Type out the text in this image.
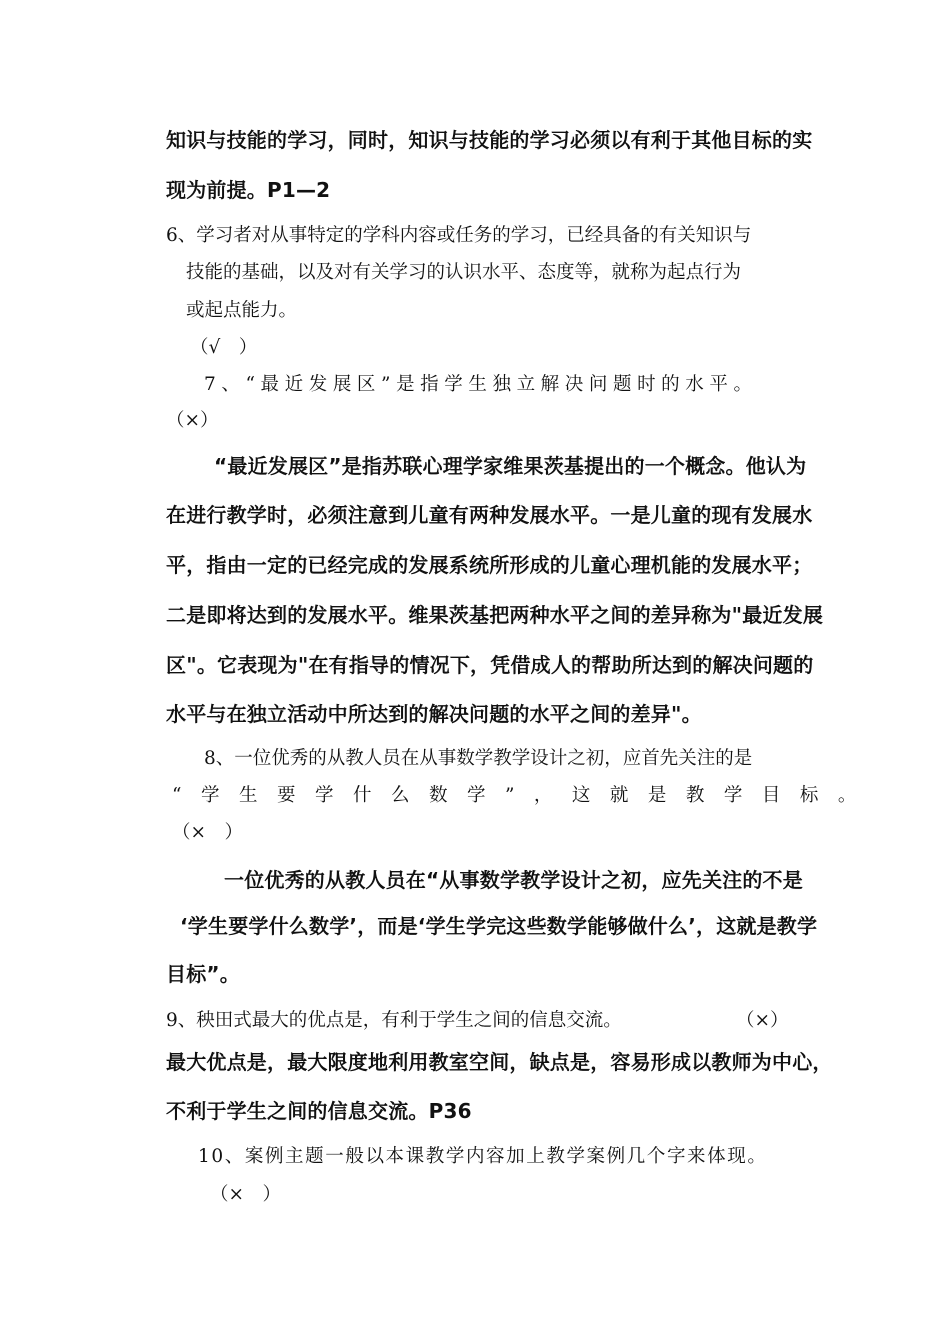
知识与技能的学习，同时，知识与技能的学习必须以有利于其他目标的实
现为前提。P1—2
6、学习者对从事特定的学科内容或任务的学习，已经具备的有关知识与
技能的基础，以及对有关学习的认识水平、态度等，就称为起点行为
或起点能力。
（√　）
7、“最近发展区”是指学生独立解决问题时的水平。
（×）
“最近发展区”是指苏联心理学家维果茨基提出的一个概念。他认为
在进行教学时，必须注意到儿童有两种发展水平。一是儿童的现有发展水
平，指由一定的已经完成的发展系统所形成的儿童心理机能的发展水平；
二是即将达到的发展水平。维果茨基把两种水平之间的差异称为"最近发展
区"。它表现为"在有指导的情况下，凭借成人的帮助所达到的解决问题的
水平与在独立活动中所达到的解决问题的水平之间的差异"。
8、一位优秀的从教人员在从事数学教学设计之初，应首先关注的是
“学生要学什么数学”，这就是教学目标。
（×　）
一位优秀的从教人员在“从事数学教学设计之初，应先关注的不是
‘学生要学什么数学’，而是‘学生学完这些数学能够做什么’，这就是教学
目标”。
9、秧田式最大的优点是，有利于学生之间的信息交流。	（×）
最大优点是，最大限度地利用教室空间，缺点是，容易形成以教师为中心，
不利于学生之间的信息交流。P36
10、案例主题一般以本课教学内容加上教学案例几个字来体现。
（×　）
